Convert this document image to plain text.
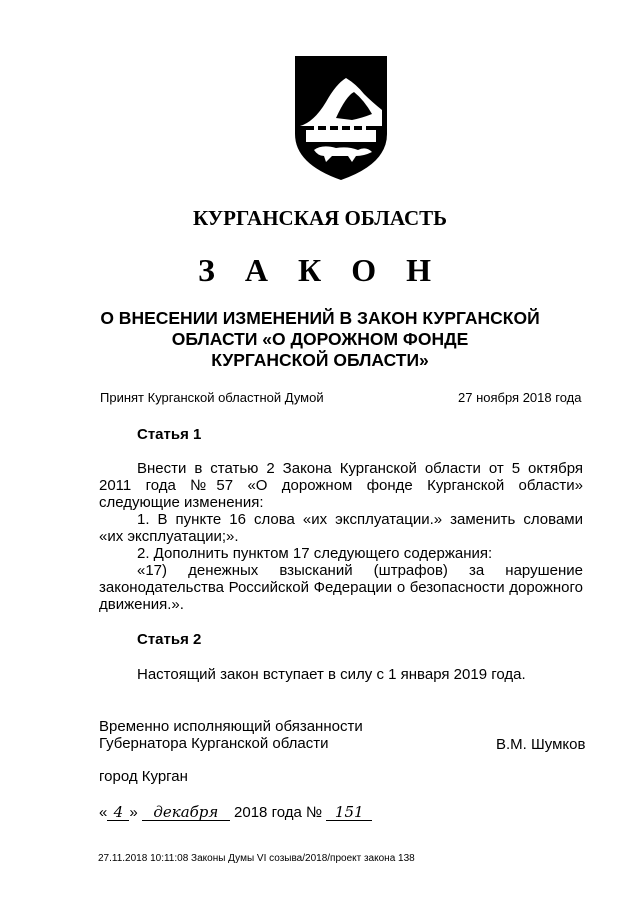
КУРГАНСКАЯ ОБЛАСТЬ
З А К О Н
О ВНЕСЕНИИ ИЗМЕНЕНИЙ В ЗАКОН КУРГАНСКОЙ
ОБЛАСТИ «О ДОРОЖНОМ ФОНДЕ
КУРГАНСКОЙ ОБЛАСТИ»
Принят Курганской областной Думой	27 ноября 2018 года
Статья 1
Внести в статью 2 Закона Курганской области от 5 октября
2011 года №57 «О дорожном фонде Курганской области»
следующие изменения:
1. В пункте 16 слова «их эксплуатации.» заменить словами
«их эксплуатации;».
2. Дополнить пунктом 17 следующего содержания:
«17) денежных взысканий (штрафов) за нарушение
законодательства Российской Федерации о безопасности дорожного
движения.».
Статья 2
Настоящий закон вступает в силу с 1 января 2019 года.
Временно исполняющий обязанности
Губернатора Курганской области	В.М. Шумков
город Курган
« 4 » декабря 2018 года № 151
27.11.2018 10:11:08 Законы Думы VI созыва/2018/проект закона 138
